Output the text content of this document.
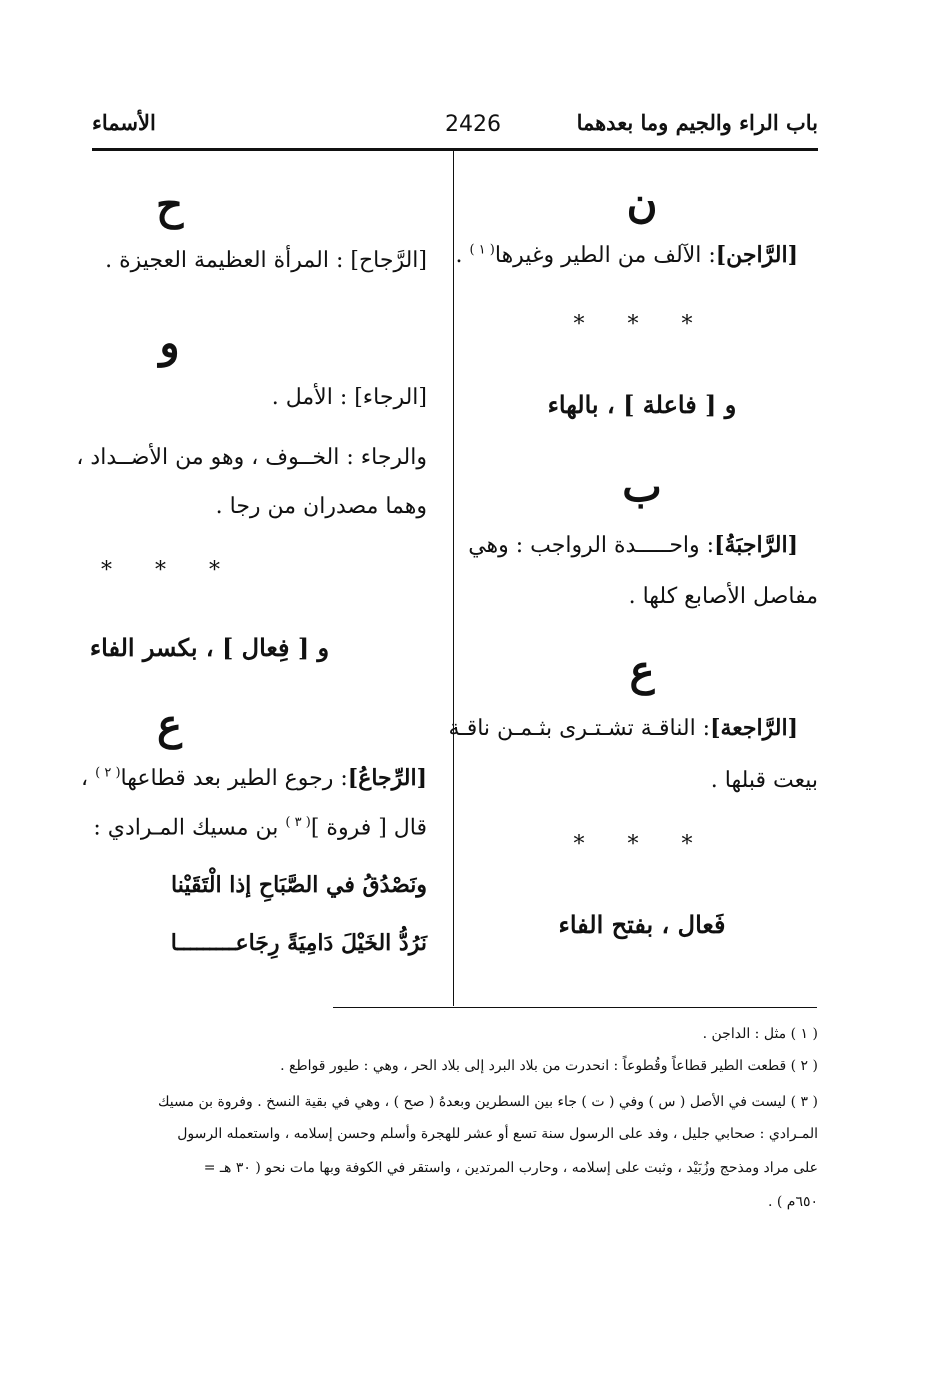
باب الراء والجيم وما بعدهما
2426
الأسماء
ن
[الرَّاجن]: الآلف من الطير وغيرها$^{( ١ )}$ .
* * *
و [ فاعلة ] ، بالهاء
ب
[الرَّاجبَةُ]: واحـــــدة الرواجب : وهي
مفاصل الأصابع كلها .
ع
[الرَّاجعة]: الناقـة تشـتـرى بثـمـن ناقـة
بيعت قبلها .
* * *
فَعال ، بفتح الفاء
ح
[الرَّجاح] : المرأة العظيمة العجيزة .
و
[الرجاء] : الأمل .
والرجاء : الخــوف ، وهو من الأضــداد ،
وهما مصدران من رجا .
* * *
و [ فِعال ] ، بكسر الفاء
ع
[الرِّجاعُ]: رجوع الطير بعد قطاعها$^{( ٢ )}$ ،
قال [ فروة ]$^{( ٣ )}$ بن مسيك المـرادي :
ونَصْدُقُ في الصَّبَاحِ إذا الْتَقَيْنا
نَرُدُّ الخَيْلَ دَامِيَةً رِجَاعـــــــــا
( ١ ) مثل : الداجن .
( ٢ ) قطعت الطير قطاعاً وقُطوعاً : انحدرت من بلاد البرد إلى بلاد الحر ، وهي : طيور قواطع .
( ٣ ) ليست في الأصل ( س ) وفي ( ت ) جاء بين السطرين وبعدهُ ( صح ) ، وهي في بقية النسخ . وفروة بن مسيك
المـرادي : صحابي جليل ، وفد على الرسول سنة تسع أو عشر للهجرة وأسلم وحسن إسلامه ، واستعمله الرسول
على مراد ومذحج وزُبَيْد ، وثبت على إسلامه ، وحارب المرتدين ، واستقر في الكوفة وبها مات نحو ( ٣٠ هـ =
٦٥٠م ) .
